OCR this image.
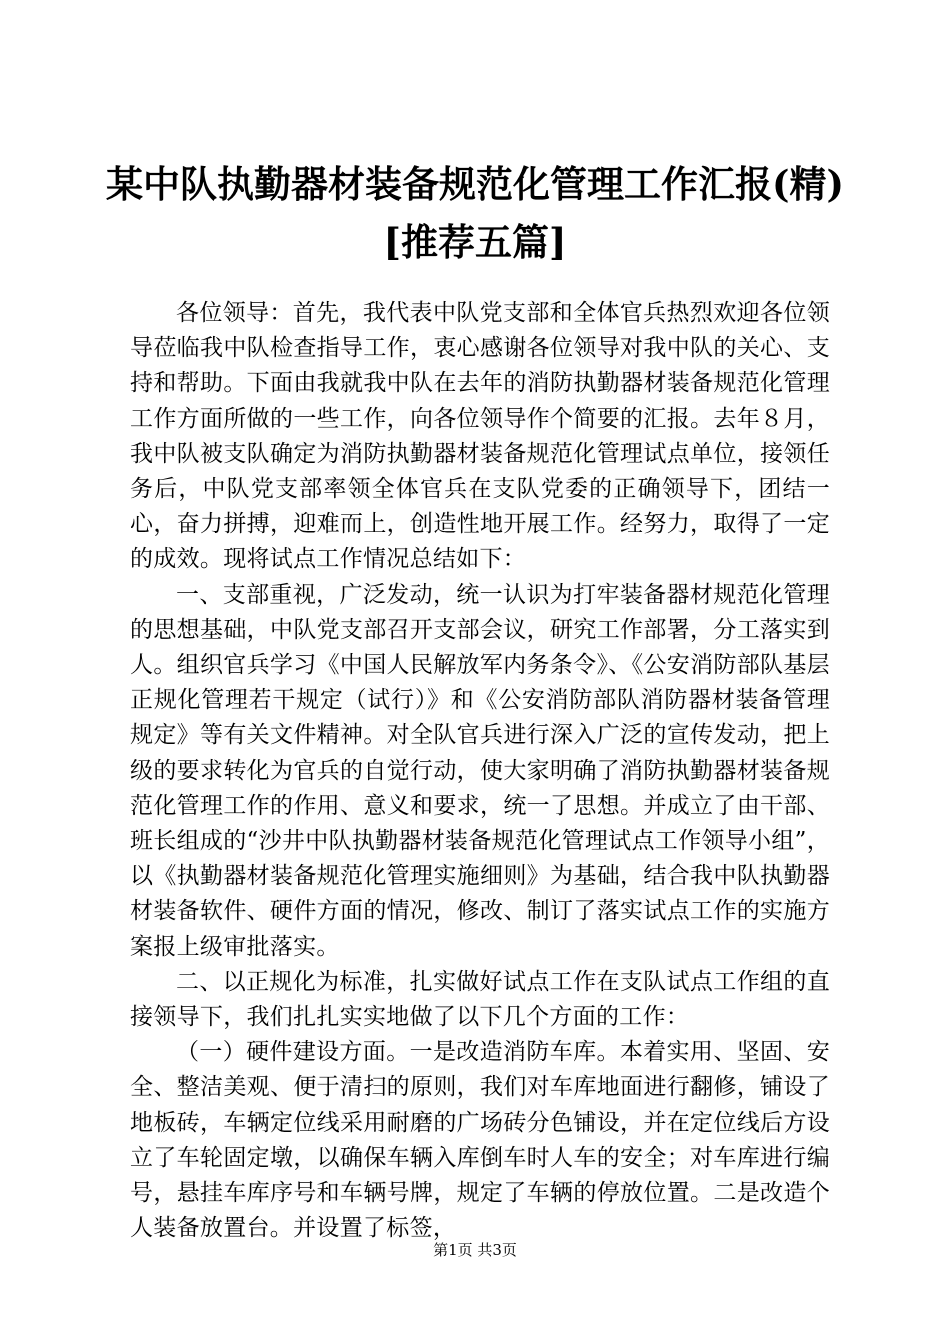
某中队执勤器材装备规范化管理工作汇报(精)
[推荐五篇]

各位领导：首先，我代表中队党支部和全体官兵热烈欢迎各位领导莅临我中队检查指导工作，衷心感谢各位领导对我中队的关心、支持和帮助。下面由我就我中队在去年的消防执勤器材装备规范化管理工作方面所做的一些工作，向各位领导作个简要的汇报。去年８月，我中队被支队确定为消防执勤器材装备规范化管理试点单位，接领任务后，中队党支部率领全体官兵在支队党委的正确领导下，团结一心，奋力拼搏，迎难而上，创造性地开展工作。经努力，取得了一定的成效。现将试点工作情况总结如下：

一、支部重视，广泛发动，统一认识为打牢装备器材规范化管理的思想基础，中队党支部召开支部会议，研究工作部署，分工落实到人。组织官兵学习《中国人民解放军内务条令》、《公安消防部队基层正规化管理若干规定（试行）》和《公安消防部队消防器材装备管理规定》等有关文件精神。对全队官兵进行深入广泛的宣传发动，把上级的要求转化为官兵的自觉行动，使大家明确了消防执勤器材装备规范化管理工作的作用、意义和要求，统一了思想。并成立了由干部、班长组成的“沙井中队执勤器材装备规范化管理试点工作领导小组”，以《执勤器材装备规范化管理实施细则》为基础，结合我中队执勤器材装备软件、硬件方面的情况，修改、制订了落实试点工作的实施方案报上级审批落实。

二、以正规化为标准，扎实做好试点工作在支队试点工作组的直接领导下，我们扎扎实实地做了以下几个方面的工作：

（一）硬件建设方面。一是改造消防车库。本着实用、坚固、安全、整洁美观、便于清扫的原则，我们对车库地面进行翻修，铺设了地板砖，车辆定位线采用耐磨的广场砖分色铺设，并在定位线后方设立了车轮固定墩，以确保车辆入库倒车时人车的安全；对车库进行编号，悬挂车库序号和车辆号牌，规定了车辆的停放位置。二是改造个人装备放置台。并设置了标签，

第1页 共3页
